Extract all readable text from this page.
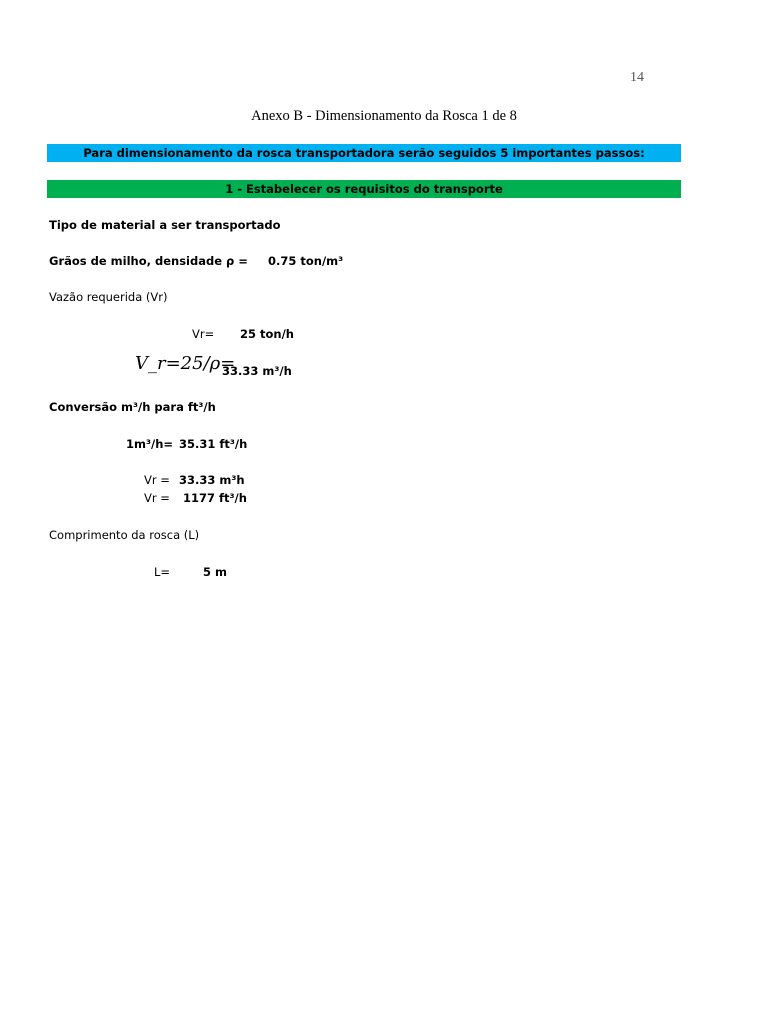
14
Anexo B - Dimensionamento da Rosca 1 de 8
Para dimensionamento da rosca transportadora serão seguidos 5 importantes passos:
1 - Estabelecer os requisitos do transporte
Tipo de material a ser transportado
Grãos de milho, densidade ρ = 0.75 ton/m³
Vazão requerida (Vr)
Vr= 25 ton/h
𝑉_𝑟=25/ρ=
33.33 m³/h
Conversão m³/h para ft³/h
1m³/h= 35.31 ft³/h
Vr = 33.33 m³h
Vr = 1177 ft³/h
Comprimento da rosca (L)
L=	5 m
